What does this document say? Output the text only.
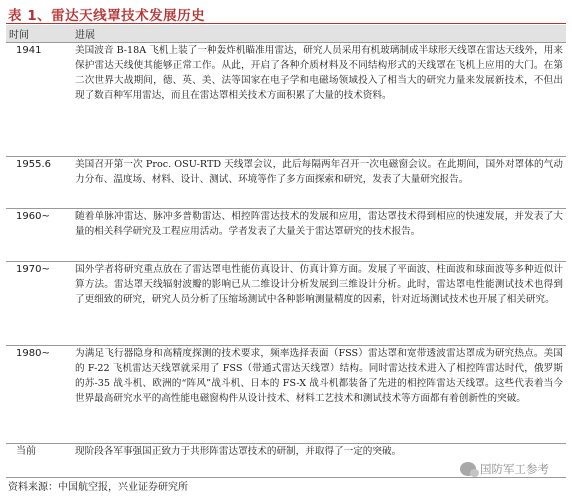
表 1、雷达天线罩技术发展历史
时间	进展
1941	美国波音 B-18A 飞机上装了一种轰炸机瞄准用雷达，研究人员采用有机玻璃制成半球形天线罩在雷达天线外，用来保护雷达天线使其能够正常工作。从此，开启了各种介质材料及不同结构形式的天线罩在飞机上应用的大门。在第二次世界大战期间，德、英、美、法等国家在电子学和电磁场领域投入了相当大的研究力量来发展新技术，不但出现了数百种军用雷达，而且在雷达罩相关技术方面积累了大量的技术资料。
1955.6	美国召开第一次 Proc. OSU-RTD 天线罩会议，此后每隔两年召开一次电磁窗会议。在此期间，国外对罩体的气动力分布、温度场、材料、设计、测试、环境等作了多方面探索和研究，发表了大量研究报告。
1960~	随着单脉冲雷达、脉冲多普勒雷达、相控阵雷达技术的发展和应用，雷达罩技术得到相应的快速发展，并发表了大量的相关科学研究及工程应用活动。学者发表了大量关于雷达罩研究的技术报告。
1970~	国外学者将研究重点放在了雷达罩电性能仿真设计、仿真计算方面。发展了平面波、柱面波和球面波等多种近似计算方法。雷达罩天线辐射波瓣的影响已从二维设计分析发展到三维设计分析。此时，雷达罩电性能测试技术也得到了更细致的研究，研究人员分析了压缩场测试中各种影响测量精度的因素，针对近场测试技术也开展了相关研究。
1980~	为满足飞行器隐身和高精度探测的技术要求，频率选择表面（FSS）雷达罩和宽带透波雷达罩成为研究热点。美国的 F-22 飞机雷达天线罩就采用了 FSS（带通式雷达天线罩）结构。同时雷达技术进入了相控阵雷达时代，俄罗斯的苏-35 战斗机、欧洲的“阵风”战斗机、日本的 FS-X 战斗机都装备了先进的相控阵雷达天线罩。这些代表着当今世界最高研究水平的高性能电磁窗构件从设计技术、材料工艺技术和测试技术等方面都有着创新性的突破。
当前	现阶段各军事强国正致力于共形阵雷达罩技术的研制，并取得了一定的突破。
资料来源：中国航空报，兴业证券研究所
国防军工参考
